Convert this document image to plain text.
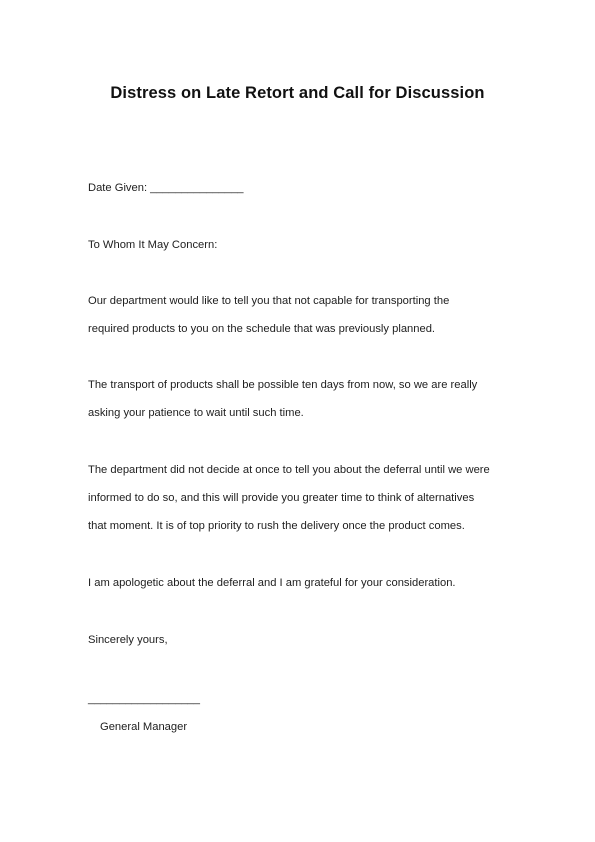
Distress on Late Retort and Call for Discussion
Date Given: _______________
To Whom It May Concern:
Our department would like to tell you that not capable for transporting the
required products to you on the schedule that was previously planned.
The transport of products shall be possible ten days from now, so we are really
asking your patience to wait until such time.
The department did not decide at once to tell you about the deferral until we were
informed to do so, and this will provide you greater time to think of alternatives
that moment. It is of top priority to rush the delivery once the product comes.
I am apologetic about the deferral and I am grateful for your consideration.
Sincerely yours,
__________________
General Manager
